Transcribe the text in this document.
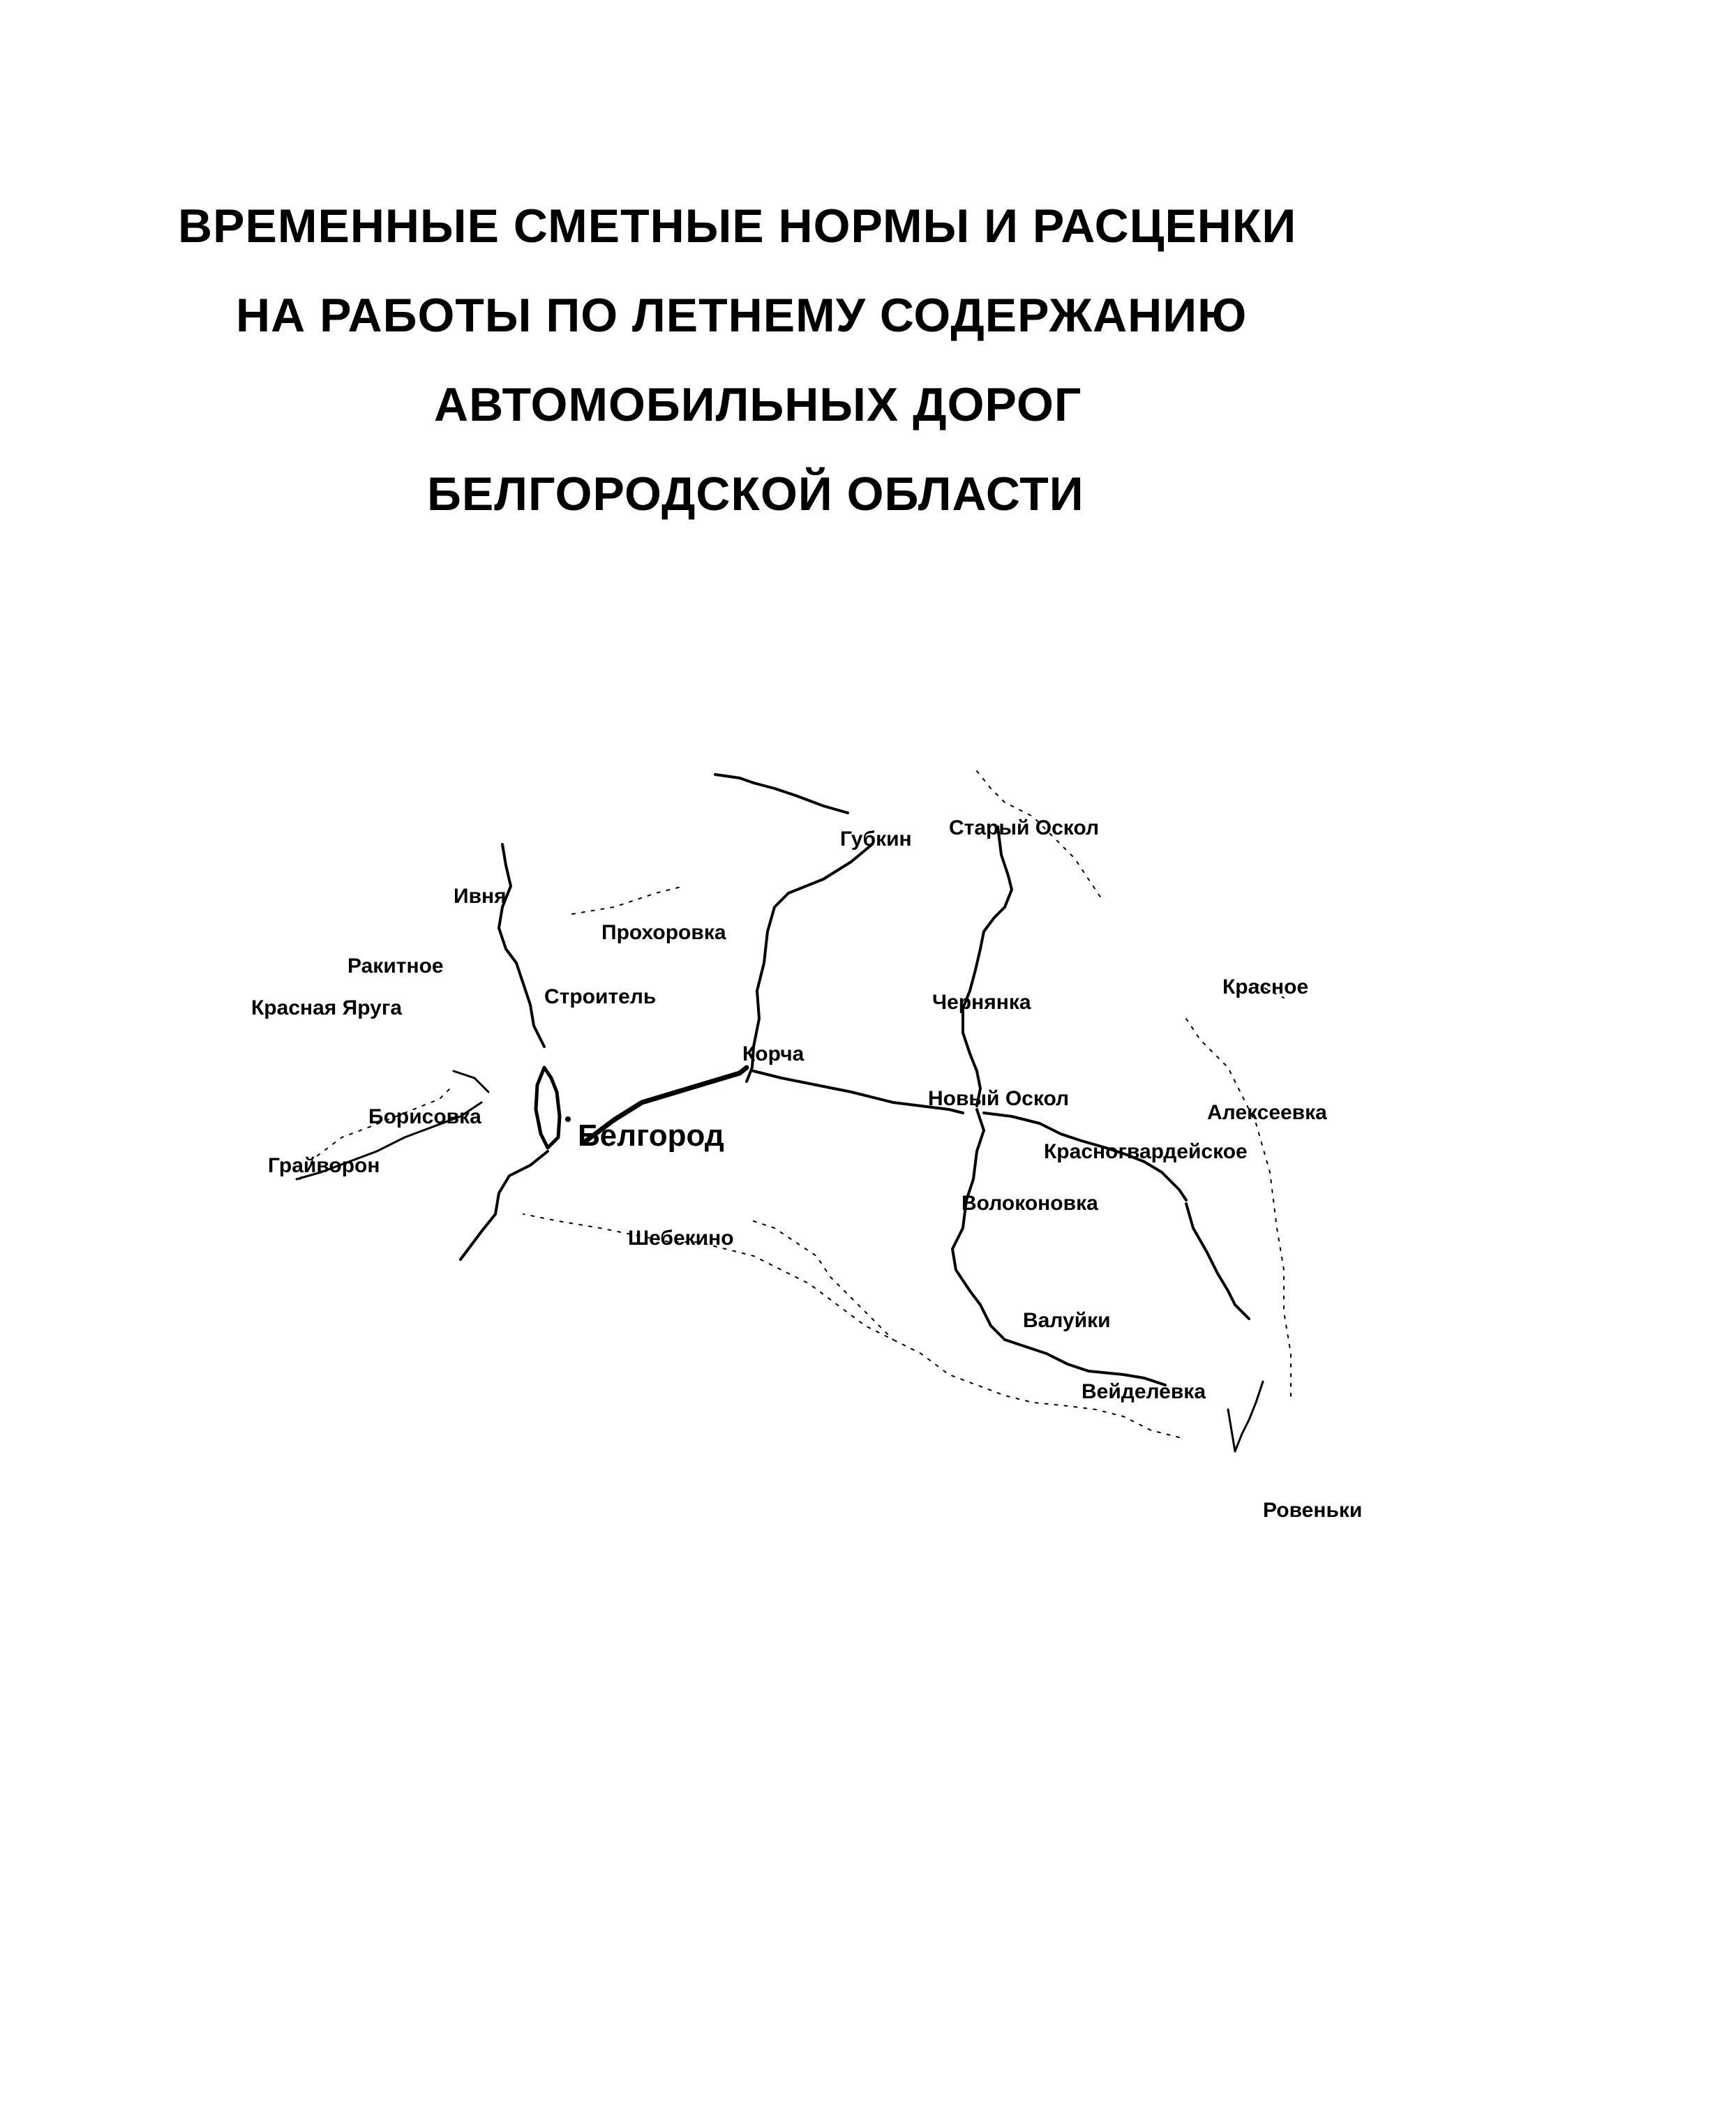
ВРЕМЕННЫЕ СМЕТНЫЕ НОРМЫ И РАСЦЕНКИ
НА РАБОТЫ ПО ЛЕТНЕМУ СОДЕРЖАНИЮ
АВТОМОБИЛЬНЫХ ДОРОГ
БЕЛГОРОДСКОЙ ОБЛАСТИ
Губкин Старый Оскол
Ивня
Прохоровка
Ракитное
Красная Яруга	Строитель	Чернянка
Красное
Корча
Новый Оскол
Алексеевка
Борисовка
Белгород	Красногвардейское
Грайворон
Волоконовка
Шебекино
Валуйки
Вейделевка
Ровеньки
